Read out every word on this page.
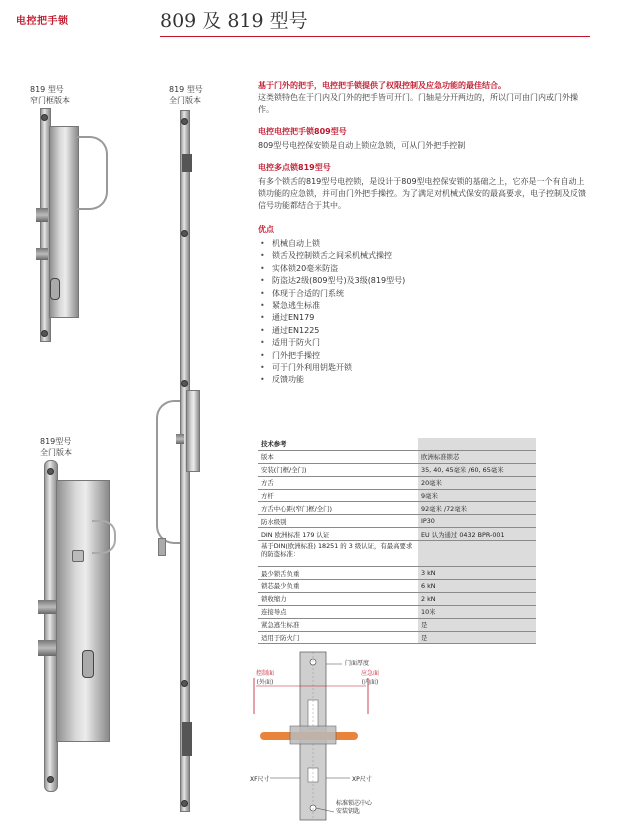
电控把手锁	809 及 819 型号
819 型号
窄门框版本
819 型号
全门版本
819型号
全门版本

基于门外的把手，电控把手锁提供了权限控制及应急功能的最佳结合。
这类锁特色在于门内及门外的把手皆可开门。门轴是分开两边的，所以门可由门内或门外操作。

电控电控把手锁809型号

809型号电控保安锁是自动上锁应急锁，可从门外把手控制

电控多点锁819型号

有多个锁舌的819型号电控锁，是设计于809型电控保安锁的基础之上，它亦是一个有自动上锁功能的应急锁，并可由门外把手操控。为了满足对机械式保安的最高要求，电子控制及反馈信号功能都结合于其中。

优点
• 机械自动上锁
• 锁舌及控制锁舌之间采机械式操控
• 实体锁20毫米防盗
• 防盗达2级(809型号)及3级(819型号)
• 体现于合适的门系统
• 紧急逃生标准
• 通过EN179
• 通过EN1225
• 适用于防火门
• 门外把手操控
• 可于门外利用钥匙开锁
• 反馈功能
技术参考	
版本	欧洲标准锁芯
安装(门框/全门)	35, 40, 45毫米 /60, 65毫米
方舌	20毫米
方杆	9毫米
方舌中心距(窄门框/全门)	92毫米 /72毫米
防水级别	IP30
DIN 欧洲标准 179 认证	EU 认为通过 0432 BPR-001
基于DIN(欧洲标准) 18251 的 3 级认证，有最高要求的防盗标准：	
最少锁舌负重	3 kN
锁芯最少负重	6 kN
锁收缩力	2 kN
连接导点	10米
紧急逃生标准	是
适用于防火门	是
门面厚度
控制面
(外面)
应急面
(内面)
XF尺寸	XP尺寸
标准锁芯中心
安装钥匙
